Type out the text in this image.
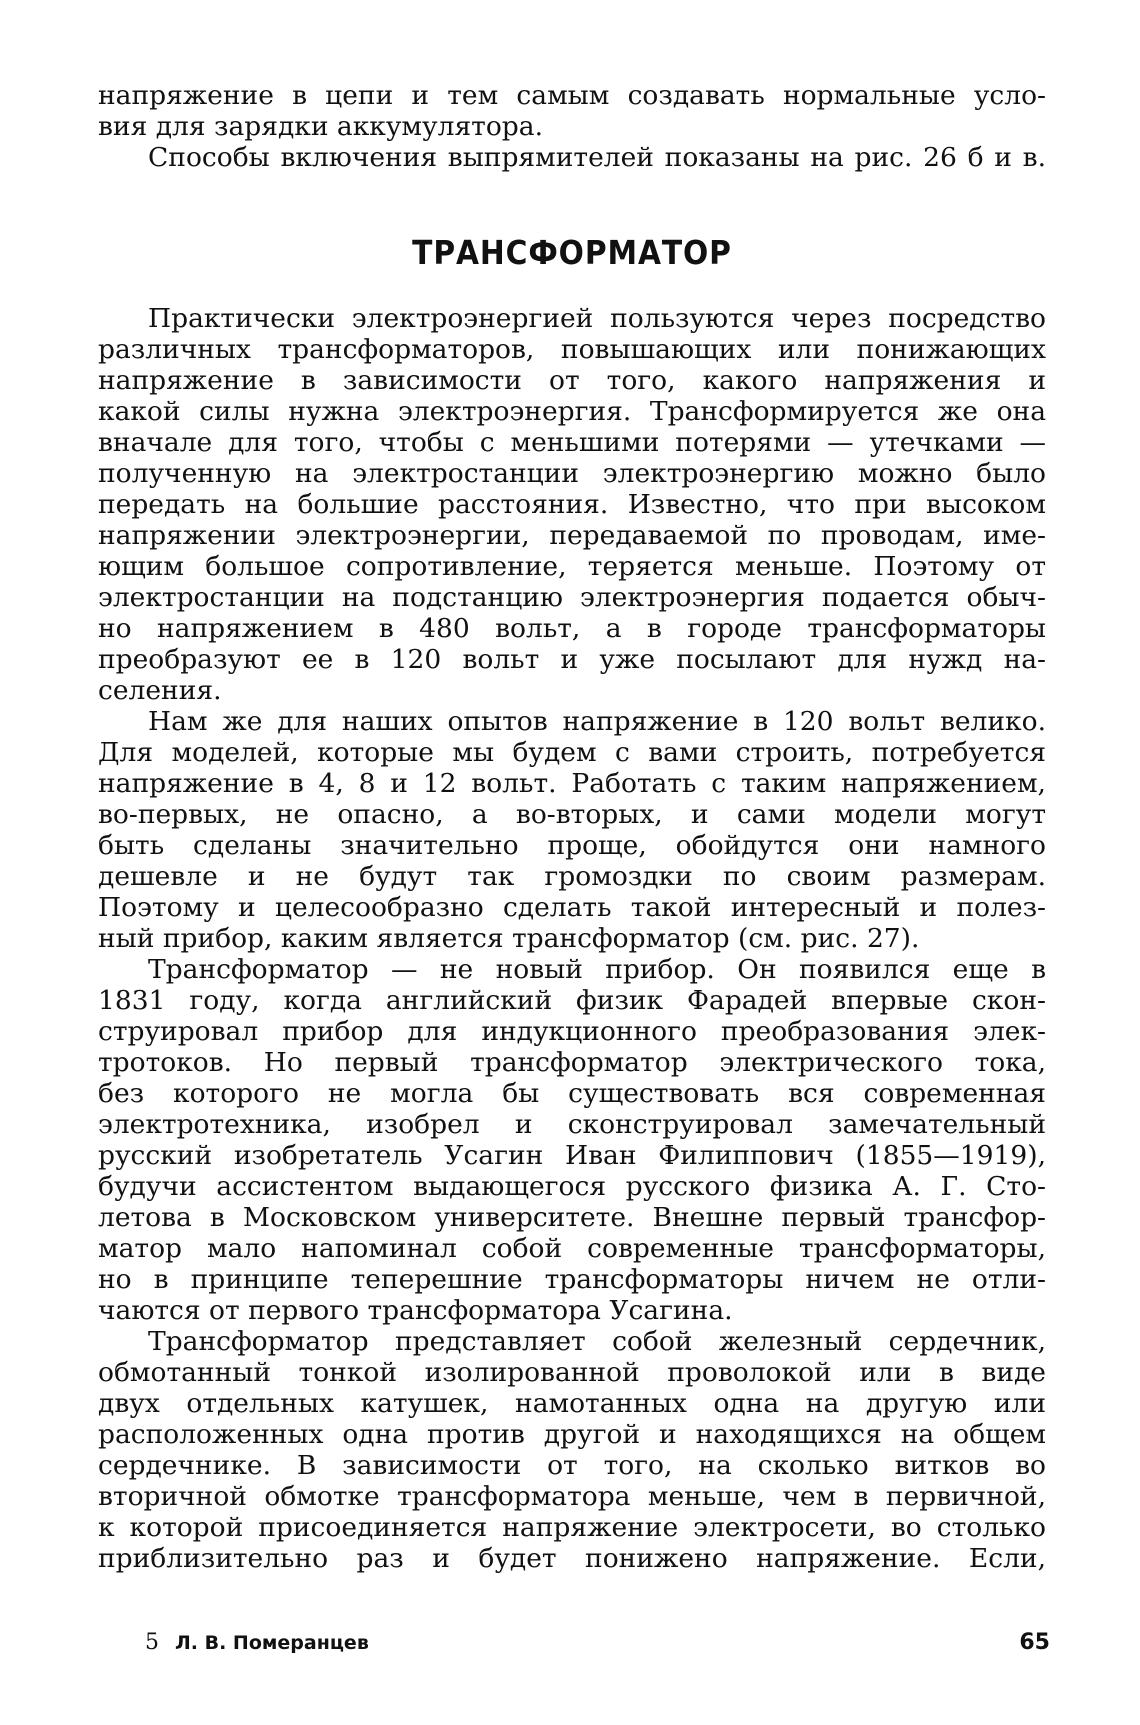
напряжение в цепи и тем самым создавать нормальные усло-
вия для зарядки аккумулятора.
Способы включения выпрямителей показаны на рис. 26 б и в.
ТРАНСФОРМАТОР
Практически электроэнергией пользуются через посредство
различных трансформаторов, повышающих или понижающих
напряжение в зависимости от того, какого напряжения и
какой силы нужна электроэнергия. Трансформируется же она
вначале для того, чтобы с меньшими потерями — утечками —
полученную на электростанции электроэнергию можно было
передать на большие расстояния. Известно, что при высоком
напряжении электроэнергии, передаваемой по проводам, име-
ющим большое сопротивление, теряется меньше. Поэтому от
электростанции на подстанцию электроэнергия подается обыч-
но напряжением в 480 вольт, а в городе трансформаторы
преобразуют ее в 120 вольт и уже посылают для нужд на-
селения.
Нам же для наших опытов напряжение в 120 вольт велико.
Для моделей, которые мы будем с вами строить, потребуется
напряжение в 4, 8 и 12 вольт. Работать с таким напряжением,
во-первых, не опасно, а во-вторых, и сами модели могут
быть сделаны значительно проще, обойдутся они намного
дешевле и не будут так громоздки по своим размерам.
Поэтому и целесообразно сделать такой интересный и полез-
ный прибор, каким является трансформатор (см. рис. 27).
Трансформатор — не новый прибор. Он появился еще в
1831 году, когда английский физик Фарадей впервые скон-
струировал прибор для индукционного преобразования элек-
тротоков. Но первый трансформатор электрического тока,
без которого не могла бы существовать вся современная
электротехника, изобрел и сконструировал замечательный
русский изобретатель Усагин Иван Филиппович (1855—1919),
будучи ассистентом выдающегося русского физика А. Г. Сто-
летова в Московском университете. Внешне первый трансфор-
матор мало напоминал собой современные трансформаторы,
но в принципе теперешние трансформаторы ничем не отли-
чаются от первого трансформатора Усагина.
Трансформатор представляет собой железный сердечник,
обмотанный тонкой изолированной проволокой или в виде
двух отдельных катушек, намотанных одна на другую или
расположенных одна против другой и находящихся на общем
сердечнике. В зависимости от того, на сколько витков во
вторичной обмотке трансформатора меньше, чем в первичной,
к которой присоединяется напряжение электросети, во столько
приблизительно раз и будет понижено напряжение. Если,
5 Л. В. Померанцев	65
